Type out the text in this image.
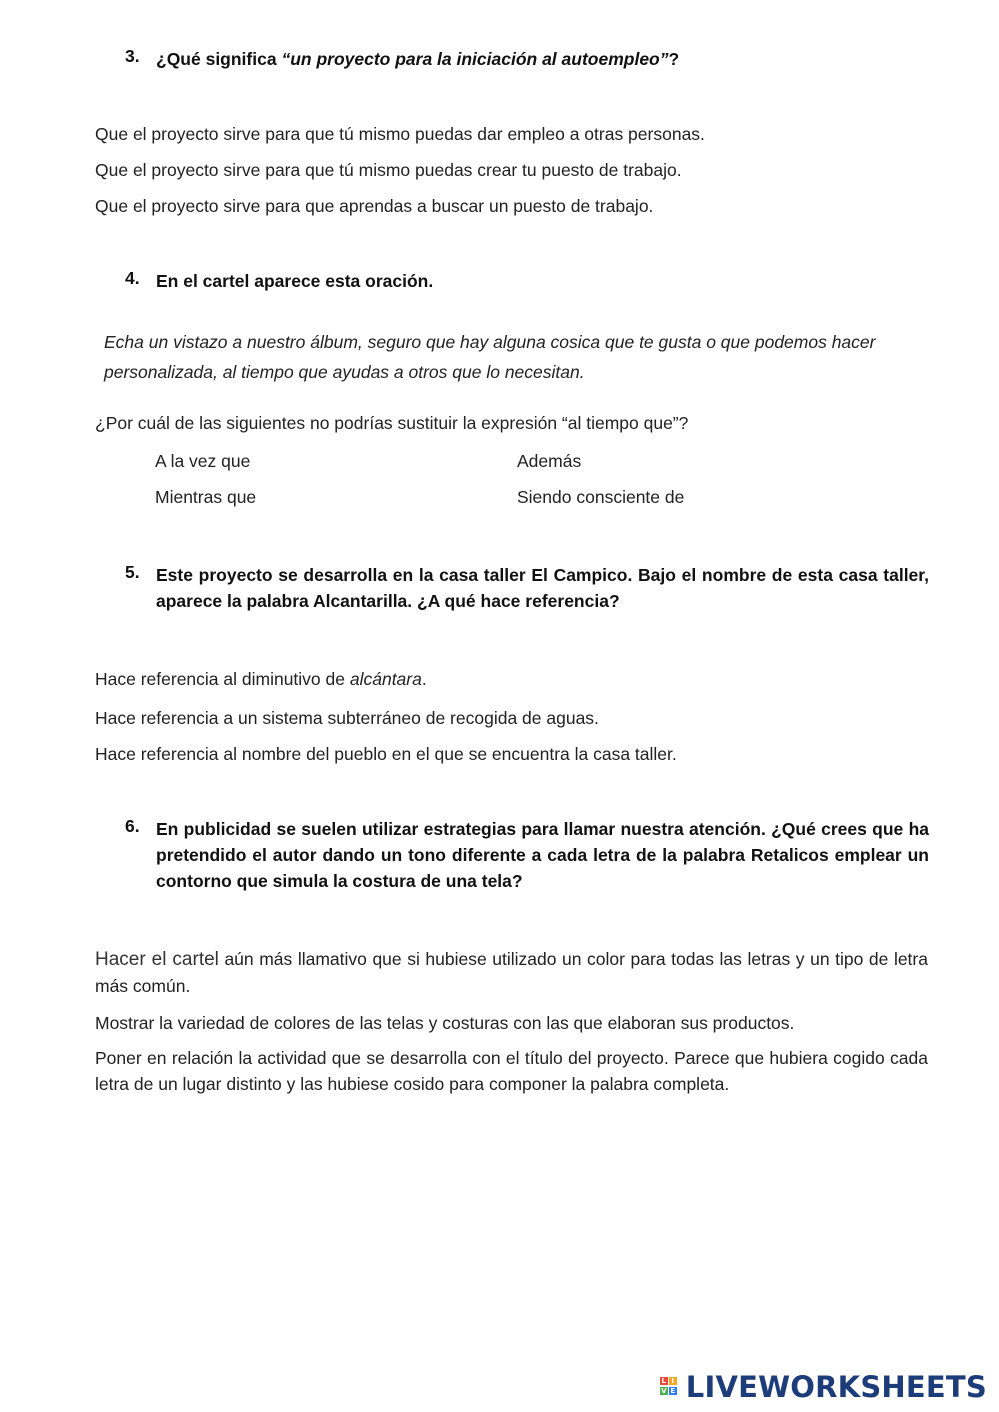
3. ¿Qué significa “un proyecto para la iniciación al autoempleo”?
Que el proyecto sirve para que tú mismo puedas dar empleo a otras personas.
Que el proyecto sirve para que tú mismo puedas crear tu puesto de trabajo.
Que el proyecto sirve para que aprendas a buscar un puesto de trabajo.
4. En el cartel aparece esta oración.
Echa un vistazo a nuestro álbum, seguro que hay alguna cosica que te gusta o que podemos hacer personalizada, al tiempo que ayudas a otros que lo necesitan.
¿Por cuál de las siguientes no podrías sustituir la expresión “al tiempo que”?
A la vez que	Además
Mientras que	Siendo consciente de
5. Este proyecto se desarrolla en la casa taller El Campico. Bajo el nombre de esta casa taller, aparece la palabra Alcantarilla. ¿A qué hace referencia?
Hace referencia al diminutivo de alcántara.
Hace referencia a un sistema subterráneo de recogida de aguas.
Hace referencia al nombre del pueblo en el que se encuentra la casa taller.
6. En publicidad se suelen utilizar estrategias para llamar nuestra atención. ¿Qué crees que ha pretendido el autor dando un tono diferente a cada letra de la palabra Retalicos emplear un contorno que simula la costura de una tela?
Hacer el cartel aún más llamativo que si hubiese utilizado un color para todas las letras y un tipo de letra más común.
Mostrar la variedad de colores de las telas y costuras con las que elaboran sus productos.
Poner en relación la actividad que se desarrolla con el título del proyecto. Parece que hubiera cogido cada letra de un lugar distinto y las hubiese cosido para componer la palabra completa.
L I
V E LIVEWORKSHEETS
